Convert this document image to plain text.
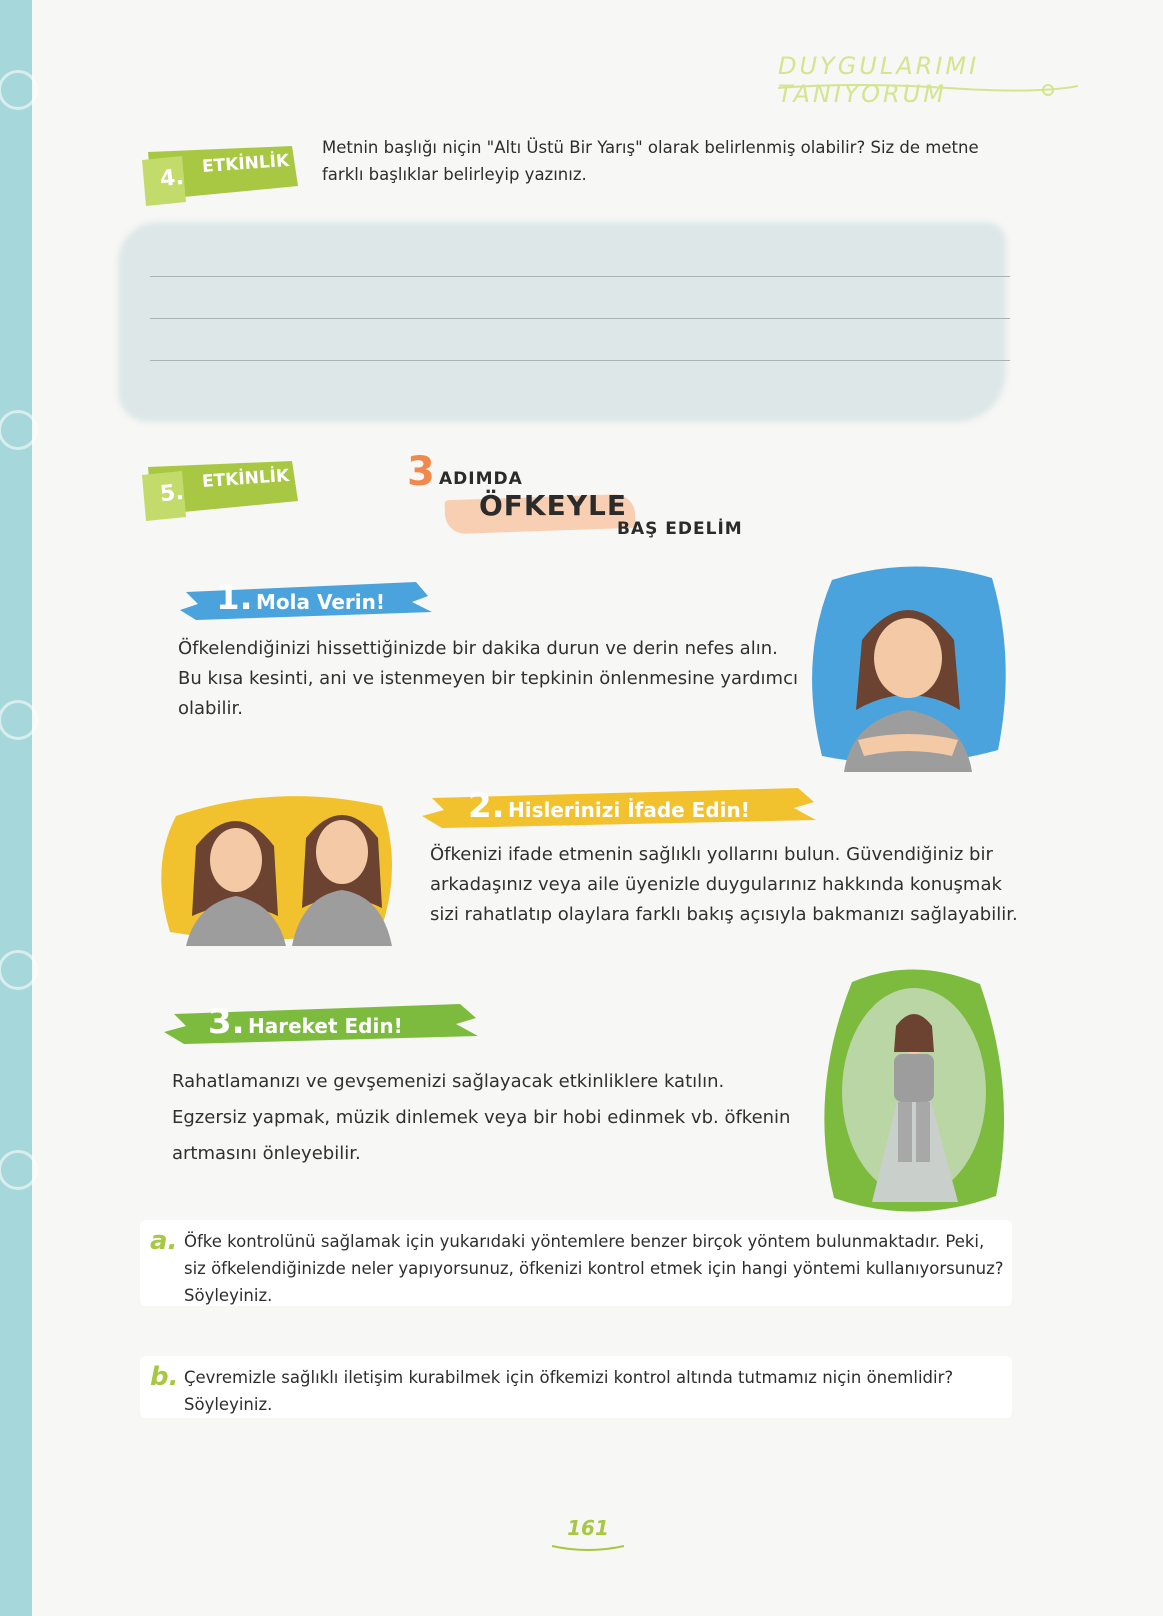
DUYGULARIMI TANIYORUM
4.
ETKİNLİK
Metnin başlığı niçin "Altı Üstü Bir Yarış" olarak belirlenmiş olabilir? Siz de metne farklı başlıklar belirleyip yazınız.
5.
ETKİNLİK	3 ADIMDA
ÖFKEYLE
BAŞ EDELİM
1. Mola Verin!
Öfkelendiğinizi hissettiğinizde bir dakika durun ve derin nefes alın. Bu kısa kesinti, ani ve istenmeyen bir tepkinin önlenmesine yardımcı olabilir.
2. Hislerinizi İfade Edin!
Öfkenizi ifade etmenin sağlıklı yollarını bulun. Güvendiğiniz bir arkadaşınız veya aile üyenizle duygularınız hakkında konuşmak sizi rahatlatıp olaylara farklı bakış açısıyla bakmanızı sağlayabilir.
3. Hareket Edin!
Rahatlamanızı ve gevşemenizi sağlayacak etkinliklere katılın. Egzersiz yapmak, müzik dinlemek veya bir hobi edinmek vb. öfkenin artmasını önleyebilir.
a. Öfke kontrolünü sağlamak için yukarıdaki yöntemlere benzer birçok yöntem bulunmaktadır. Peki, siz öfkelendiğinizde neler yapıyorsunuz, öfkenizi kontrol etmek için hangi yöntemi kullanıyorsunuz? Söyleyiniz.
b. Çevremizle sağlıklı iletişim kurabilmek için öfkemizi kontrol altında tutmamız niçin önemlidir? Söyleyiniz.
161
